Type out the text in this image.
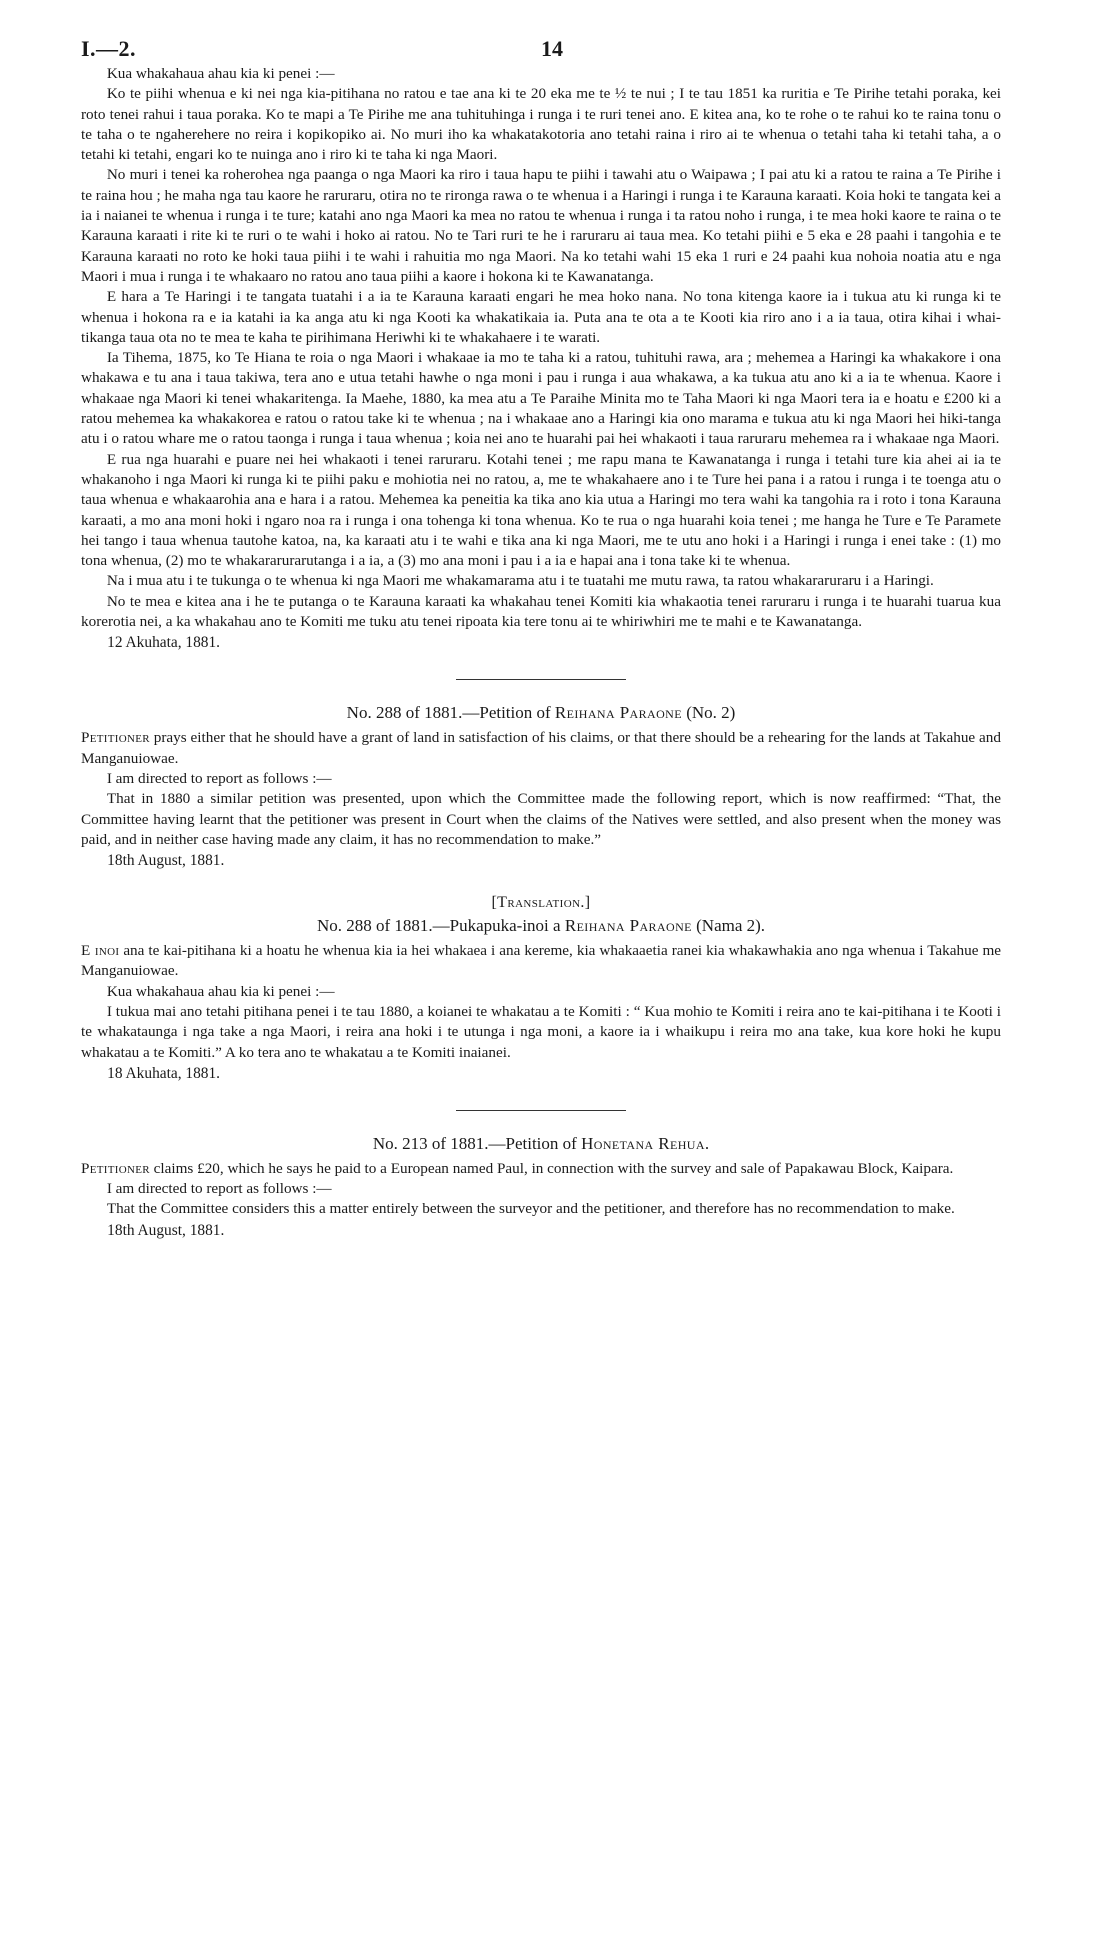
I.—2.	14

Kua whakahaua ahau kia ki penei :—

Ko te piihi whenua e ki nei nga kia-pitihana no ratou e tae ana ki te 20 eka me te ½ te nui ; I te tau 1851 ka ruritia e Te Pirihe tetahi poraka, kei roto tenei rahui i taua poraka. Ko te mapi a Te Pirihe me ana tuhituhinga i runga i te ruri tenei ano. E kitea ana, ko te rohe o te rahui ko te raina tonu o te taha o te ngaherehere no reira i kopikopiko ai. No muri iho ka whakatakotoria ano tetahi raina i riro ai te whenua o tetahi taha ki tetahi taha, a o tetahi ki tetahi, engari ko te nuinga ano i riro ki te taha ki nga Maori.

No muri i tenei ka roherohea nga paanga o nga Maori ka riro i taua hapu te piihi i tawahi atu o Waipawa ; I pai atu ki a ratou te raina a Te Pirihe i te raina hou ; he maha nga tau kaore he raruraru, otira no te rironga rawa o te whenua i a Haringi i runga i te Karauna karaati. Koia hoki te tangata kei a ia i naianei te whenua i runga i te ture; katahi ano nga Maori ka mea no ratou te whenua i runga i ta ratou noho i runga, i te mea hoki kaore te raina o te Karauna karaati i rite ki te ruri o te wahi i hoko ai ratou. No te Tari ruri te he i raruraru ai taua mea. Ko tetahi piihi e 5 eka e 28 paahi i tangohia e te Karauna karaati no roto ke hoki taua piihi i te wahi i rahuitia mo nga Maori. Na ko tetahi wahi 15 eka 1 ruri e 24 paahi kua nohoia noatia atu e nga Maori i mua i runga i te whakaaro no ratou ano taua piihi a kaore i hokona ki te Kawanatanga.

E hara a Te Haringi i te tangata tuatahi i a ia te Karauna karaati engari he mea hoko nana. No tona kitenga kaore ia i tukua atu ki runga ki te whenua i hokona ra e ia katahi ia ka anga atu ki nga Kooti ka whakatikaia ia. Puta ana te ota a te Kooti kia riro ano i a ia taua, otira kihai i whai-tikanga taua ota no te mea te kaha te pirihimana Heriwhi ki te whakahaere i te warati.

Ia Tihema, 1875, ko Te Hiana te roia o nga Maori i whakaae ia mo te taha ki a ratou, tuhituhi rawa, ara ; mehemea a Haringi ka whakakore i ona whakawa e tu ana i taua takiwa, tera ano e utua tetahi hawhe o nga moni i pau i runga i aua whakawa, a ka tukua atu ano ki a ia te whenua. Kaore i whakaae nga Maori ki tenei whakaritenga. Ia Maehe, 1880, ka mea atu a Te Paraihe Minita mo te Taha Maori ki nga Maori tera ia e hoatu e £200 ki a ratou mehemea ka whakakorea e ratou o ratou take ki te whenua ; na i whakaae ano a Haringi kia ono marama e tukua atu ki nga Maori hei hiki-tanga atu i o ratou whare me o ratou taonga i runga i taua whenua ; koia nei ano te huarahi pai hei whakaoti i taua raruraru mehemea ra i whakaae nga Maori.

E rua nga huarahi e puare nei hei whakaoti i tenei raruraru. Kotahi tenei ; me rapu mana te Kawanatanga i runga i tetahi ture kia ahei ai ia te whakanoho i nga Maori ki runga ki te piihi paku e mohiotia nei no ratou, a, me te whakahaere ano i te Ture hei pana i a ratou i runga i te toenga atu o taua whenua e whakaarohia ana e hara i a ratou. Mehemea ka peneitia ka tika ano kia utua a Haringi mo tera wahi ka tangohia ra i roto i tona Karauna karaati, a mo ana moni hoki i ngaro noa ra i runga i ona tohenga ki tona whenua. Ko te rua o nga huarahi koia tenei ; me hanga he Ture e Te Paramete hei tango i taua whenua tautohe katoa, na, ka karaati atu i te wahi e tika ana ki nga Maori, me te utu ano hoki i a Haringi i runga i enei take : (1) mo tona whenua, (2) mo te whakararurarutanga i a ia, a (3) mo ana moni i pau i a ia e hapai ana i tona take ki te whenua.

Na i mua atu i te tukunga o te whenua ki nga Maori me whakamarama atu i te tuatahi me mutu rawa, ta ratou whakararuraru i a Haringi.

No te mea e kitea ana i he te putanga o te Karauna karaati ka whakahau tenei Komiti kia whakaotia tenei raruraru i runga i te huarahi tuarua kua korerotia nei, a ka whakahau ano te Komiti me tuku atu tenei ripoata kia tere tonu ai te whiriwhiri me te mahi e te Kawanatanga.

12 Akuhata, 1881.

No. 288 of 1881.—Petition of Reihana Paraone (No. 2)

Petitioner prays either that he should have a grant of land in satisfaction of his claims, or that there should be a rehearing for the lands at Takahue and Manganuiowae.

I am directed to report as follows :—

That in 1880 a similar petition was presented, upon which the Committee made the following report, which is now reaffirmed: “That, the Committee having learnt that the petitioner was present in Court when the claims of the Natives were settled, and also present when the money was paid, and in neither case having made any claim, it has no recommendation to make.”

18th August, 1881.

[Translation.]

No. 288 of 1881.—Pukapuka-inoi a Reihana Paraone (Nama 2).

E inoi ana te kai-pitihana ki a hoatu he whenua kia ia hei whakaea i ana kereme, kia whakaaetia ranei kia whakawhakia ano nga whenua i Takahue me Manganuiowae.

Kua whakahaua ahau kia ki penei :—

I tukua mai ano tetahi pitihana penei i te tau 1880, a koianei te whakatau a te Komiti : “ Kua mohio te Komiti i reira ano te kai-pitihana i te Kooti i te whakataunga i nga take a nga Maori, i reira ana hoki i te utunga i nga moni, a kaore ia i whaikupu i reira mo ana take, kua kore hoki he kupu whakatau a te Komiti.” A ko tera ano te whakatau a te Komiti inaianei.

18 Akuhata, 1881.

No. 213 of 1881.—Petition of Honetana Rehua.

Petitioner claims £20, which he says he paid to a European named Paul, in connection with the survey and sale of Papakawau Block, Kaipara.

I am directed to report as follows :—

That the Committee considers this a matter entirely between the surveyor and the petitioner, and therefore has no recommendation to make.

18th August, 1881.
